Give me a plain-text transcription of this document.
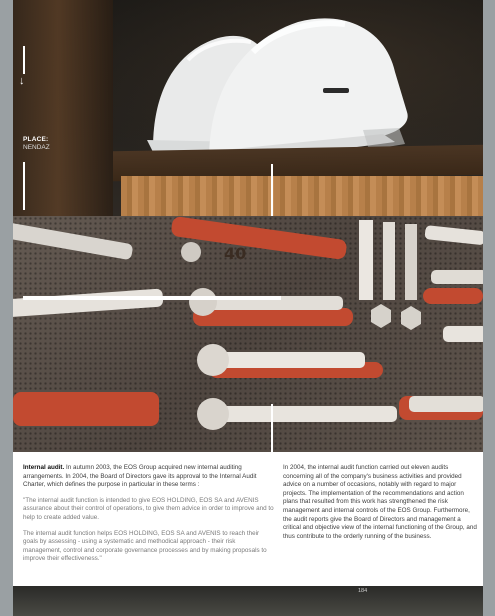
↓
PLACE:
NENDAZ
40

Internal audit. In autumn 2003, the EOS Group acquired new internal auditing arrangements. In 2004, the Board of Directors gave its approval to the Internal Audit Charter, which defines the purpose in particular in these terms :

"The internal audit function is intended to give EOS HOLDING, EOS SA and AVENIS assurance about their control of operations, to give them advice in order to improve and to help to create added value.

The internal audit function helps EOS HOLDING, EOS SA and AVENIS to reach their goals by assessing - using a systematic and methodical approach - their risk management, control and corporate governance processes and by making proposals to improve their effectiveness."

In 2004, the internal audit function carried out eleven audits concerning all of the company's business activities and provided advice on a number of occasions, notably with regard to major projects. The implementation of the recommendations and action plans that resulted from this work has strengthened the risk management and internal controls of the EOS Group. Furthermore, the audit reports give the Board of Directors and management a critical and objective view of the internal functioning of the Group, and thus contribute to the orderly running of the business.

184
